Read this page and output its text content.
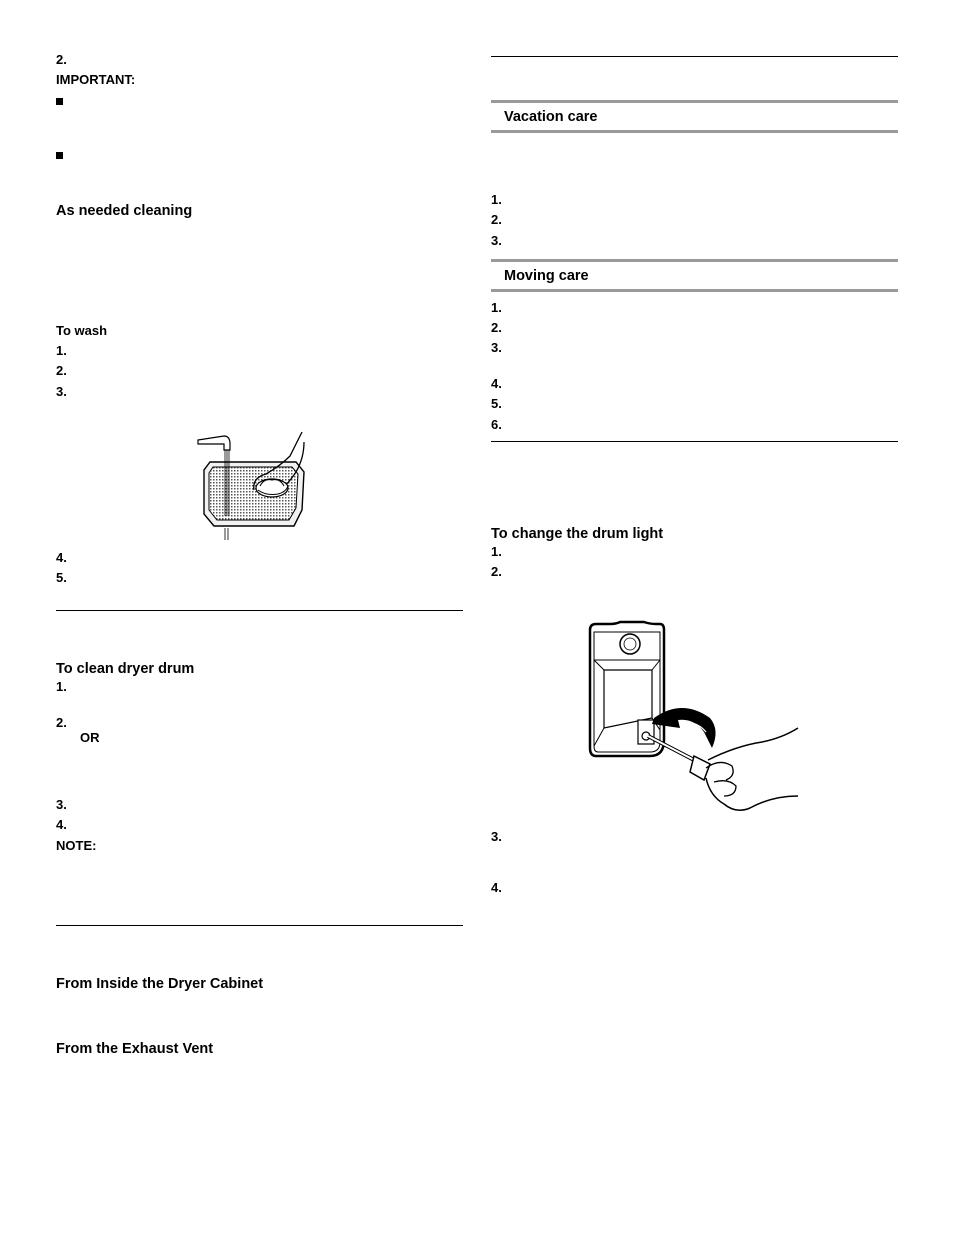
2.
IMPORTANT:
As needed cleaning
To wash
1.
2.
3.
4.
5.
To clean dryer drum
1.
2.
OR
3.
4.
NOTE:
From Inside the Dryer Cabinet
From the Exhaust Vent
Vacation care
1.
2.
3.
Moving care
1.
2.
3.
4.
5.
6.
To change the drum light
1.
2.
3.
4.
